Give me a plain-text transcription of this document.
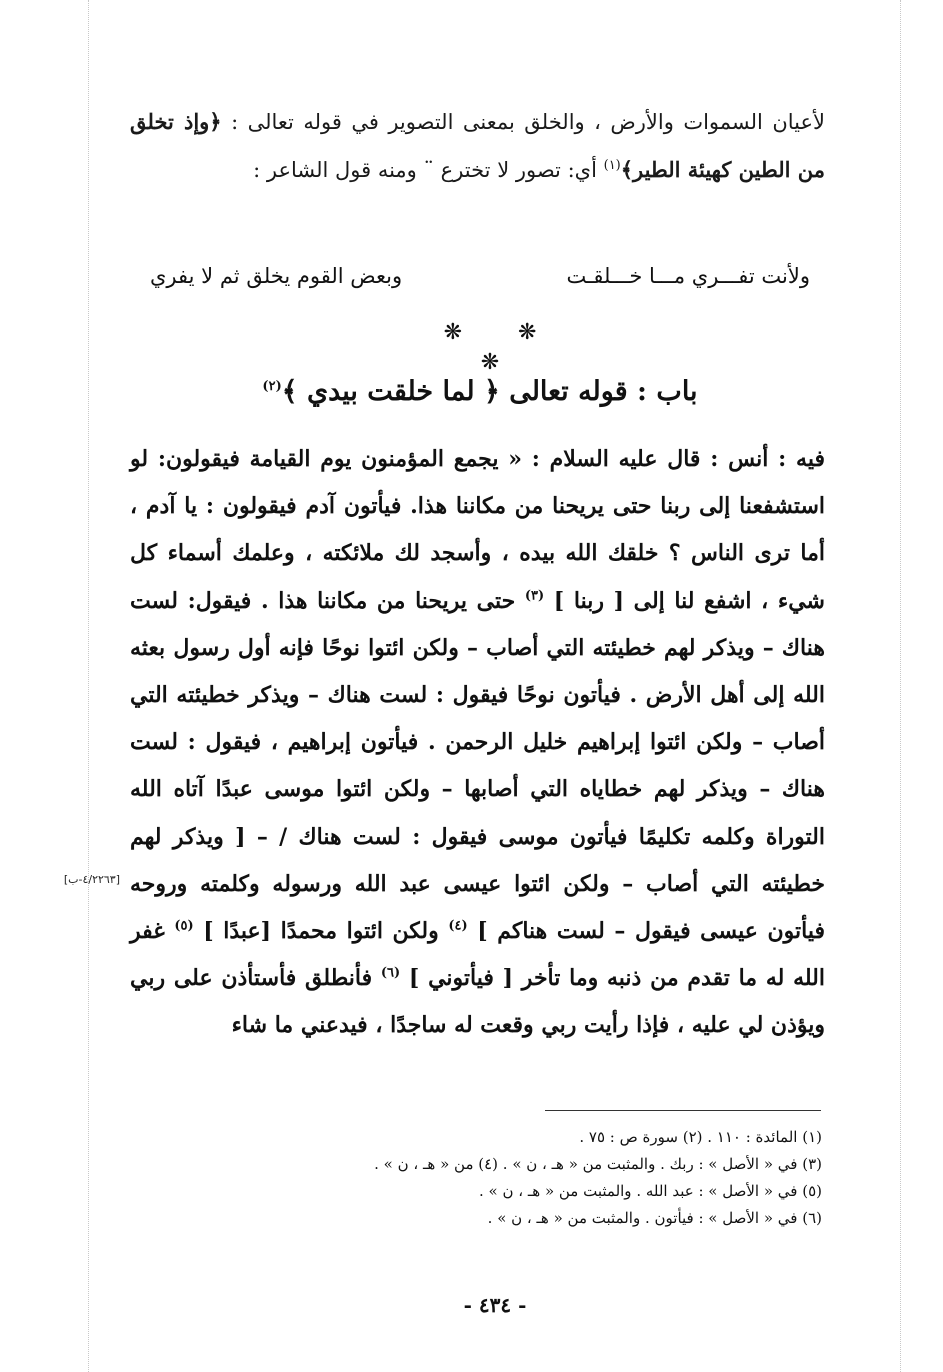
لأعيان السموات والأرض ، والخلق بمعنى التصوير في قوله تعالى : ﴿وإذ تخلق من الطين كهيئة الطير﴾$^{(١)}$ أي: تصور لا تخترع ¨ ومنه قول الشاعر :
ولأنت تفـــري مـــا خـــلقـت
وبعض القوم يخلق ثم لا يفري
❋❋❋
باب : قوله تعالى ﴿ لما خلقت بيدي ﴾$^{(٢)}$
فيه : أنس : قال عليه السلام : « يجمع المؤمنون يوم القيامة فيقولون: لو استشفعنا إلى ربنا حتى يريحنا من مكاننا هذا. فيأتون آدم فيقولون : يا آدم ، أما ترى الناس ؟ خلقك الله بيده ، وأسجد لك ملائكته ، وعلمك أسماء كل شيء ، اشفع لنا إلى [ ربنا ] $^{(٣)}$ حتى يريحنا من مكاننا هذا . فيقول: لست هناك – ويذكر لهم خطيئته التي أصاب – ولكن ائتوا نوحًا فإنه أول رسول بعثه الله إلى أهل الأرض . فيأتون نوحًا فيقول : لست هناك – ويذكر خطيئته التي أصاب – ولكن ائتوا إبراهيم خليل الرحمن . فيأتون إبراهيم ، فيقول : لست هناك – ويذكر لهم خطاياه التي أصابها – ولكن ائتوا موسى عبدًا آتاه الله التوراة وكلمه تكليمًا فيأتون موسى فيقول : لست هناك / – [ ويذكر لهم خطيئته التي أصاب – ولكن ائتوا عيسى عبد الله ورسوله وكلمته وروحه فيأتون عيسى فيقول – لست هناكم ] $^{(٤)}$ ولكن ائتوا محمدًا [عبدًا ] $^{(٥)}$ غفر الله له ما تقدم من ذنبه وما تأخر [ فيأتوني ] $^{(٦)}$ فأنطلق فأستأذن على ربي ويؤذن لي عليه ، فإذا رأيت ربي وقعت له ساجدًا ، فيدعني ما شاء
[٤/٢٢٦٣-ب]
(١) المائدة : ١١٠ . (٢) سورة ص : ٧٥ .
(٣) في « الأصل » : ربك . والمثبت من « هـ ، ن » . (٤) من « هـ ، ن » .
(٥) في « الأصل » : عبد الله . والمثبت من « هـ ، ن » .
(٦) في « الأصل » : فيأتون . والمثبت من « هـ ، ن » .
- ٤٣٤ -
